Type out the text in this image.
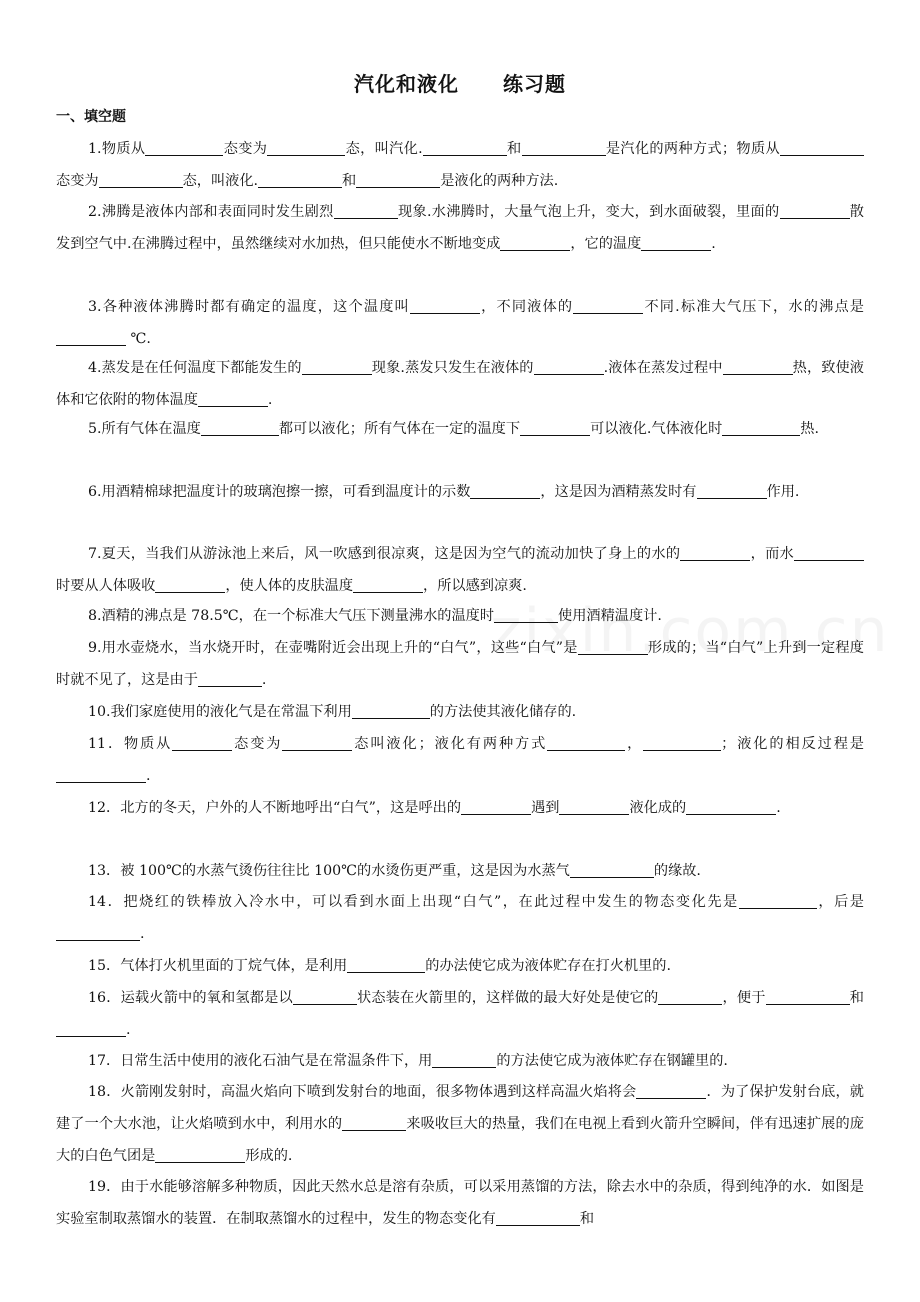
汽化和液化 练习题
一、填空题
1.物质从	态变为	态，叫汽化.	和	是汽化的两种方式；物质从态变为	态，叫液化.	和	是液化的两种方法.
2.沸腾是液体内部和表面同时发生剧烈	现象.水沸腾时，大量气泡上升，变大，到水面破裂，里面的	散发到空气中.在沸腾过程中，虽然继续对水加热，但只能使水不断地变成	，它的温度	.
3.各种液体沸腾时都有确定的温度，这个温度叫	，不同液体的	不同.标准大气压下，水的沸点是 ℃.
4.蒸发是在任何温度下都能发生的	现象.蒸发只发生在液体的	.液体在蒸发过程中	热，致使液体和它依附的物体温度	.
5.所有气体在温度	都可以液化；所有气体在一定的温度下	可以液化.气体液化时	热.
6.用酒精棉球把温度计的玻璃泡擦一擦，可看到温度计的示数	，这是因为酒精蒸发时有	作用.
7.夏天，当我们从游泳池上来后，风一吹感到很凉爽，这是因为空气的流动加快了身上的水的	，而水时要从人体吸收	，使人体的皮肤温度	，所以感到凉爽.
8.酒精的沸点是 78.5℃，在一个标准大气压下测量沸水的温度时	使用酒精温度计.
9.用水壶烧水，当水烧开时，在壶嘴附近会出现上升的“白气”，这些“白气”是	形成的；当“白气”上升到一定程度时就不见了，这是由于	.
10.我们家庭使用的液化气是在常温下利用	的方法使其液化储存的.
11．物质从	态变为	态叫液化；液化有两种方式	，	；液化的相反过程是.
12．北方的冬天，户外的人不断地呼出“白气”，这是呼出的	遇到	液化成的	.
13．被 100℃的水蒸气烫伤往往比 100℃的水烫伤更严重，这是因为水蒸气	的缘故.
14．把烧红的铁棒放入冷水中，可以看到水面上出现“白气”，在此过程中发生的物态变化先是	，后是.
15．气体打火机里面的丁烷气体，是利用	的办法使它成为液体贮存在打火机里的.
16．运载火箭中的氧和氢都是以	状态装在火箭里的，这样做的最大好处是使它的	，便于	和.
17．日常生活中使用的液化石油气是在常温条件下，用	的方法使它成为液体贮存在钢罐里的.
18．火箭刚发射时，高温火焰向下喷到发射台的地面，很多物体遇到这样高温火焰将会	．为了保护发射台底，就建了一个大水池，让火焰喷到水中，利用水的	来吸收巨大的热量，我们在电视上看到火箭升空瞬间，伴有迅速扩展的庞大的白色气团是	形成的.
19．由于水能够溶解多种物质，因此天然水总是溶有杂质，可以采用蒸馏的方法，除去水中的杂质，得到纯净的水．如图是实验室制取蒸馏水的装置．在制取蒸馏水的过程中，发生的物态变化有	和
